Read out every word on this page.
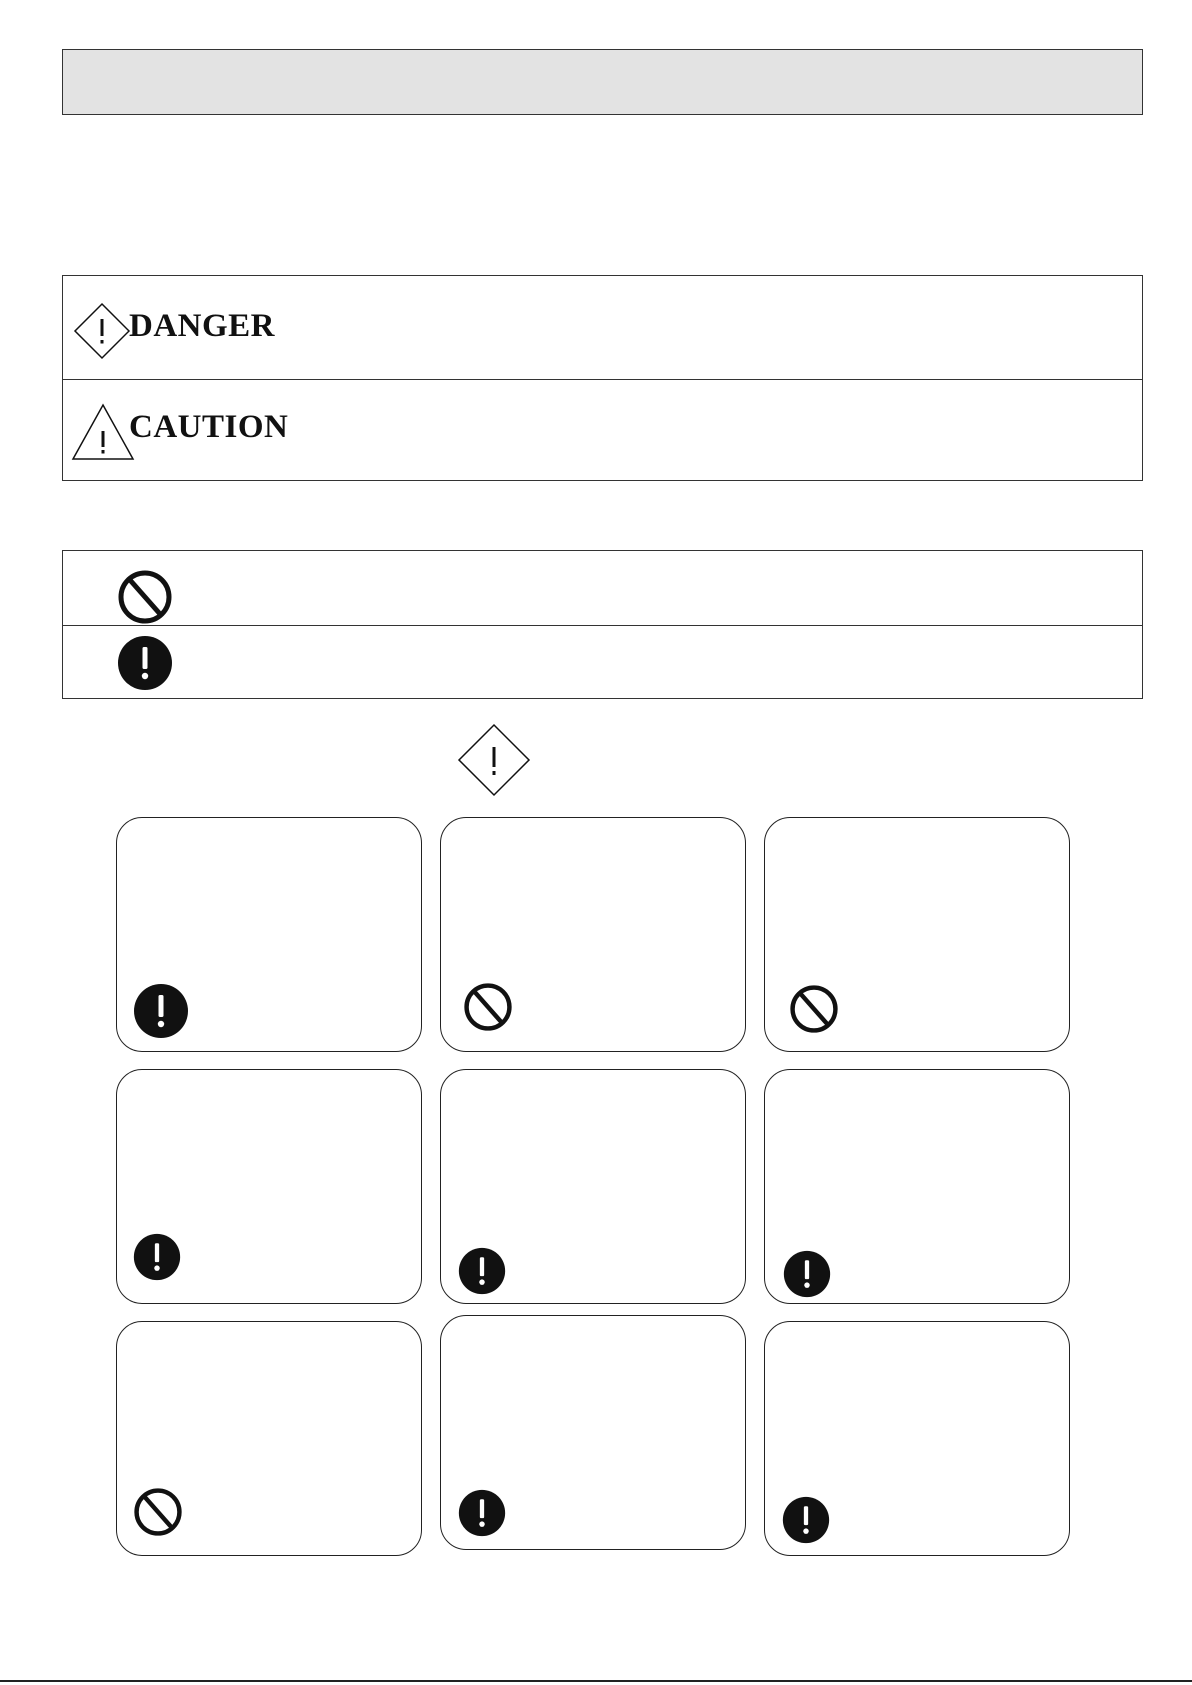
DANGER
CAUTION
